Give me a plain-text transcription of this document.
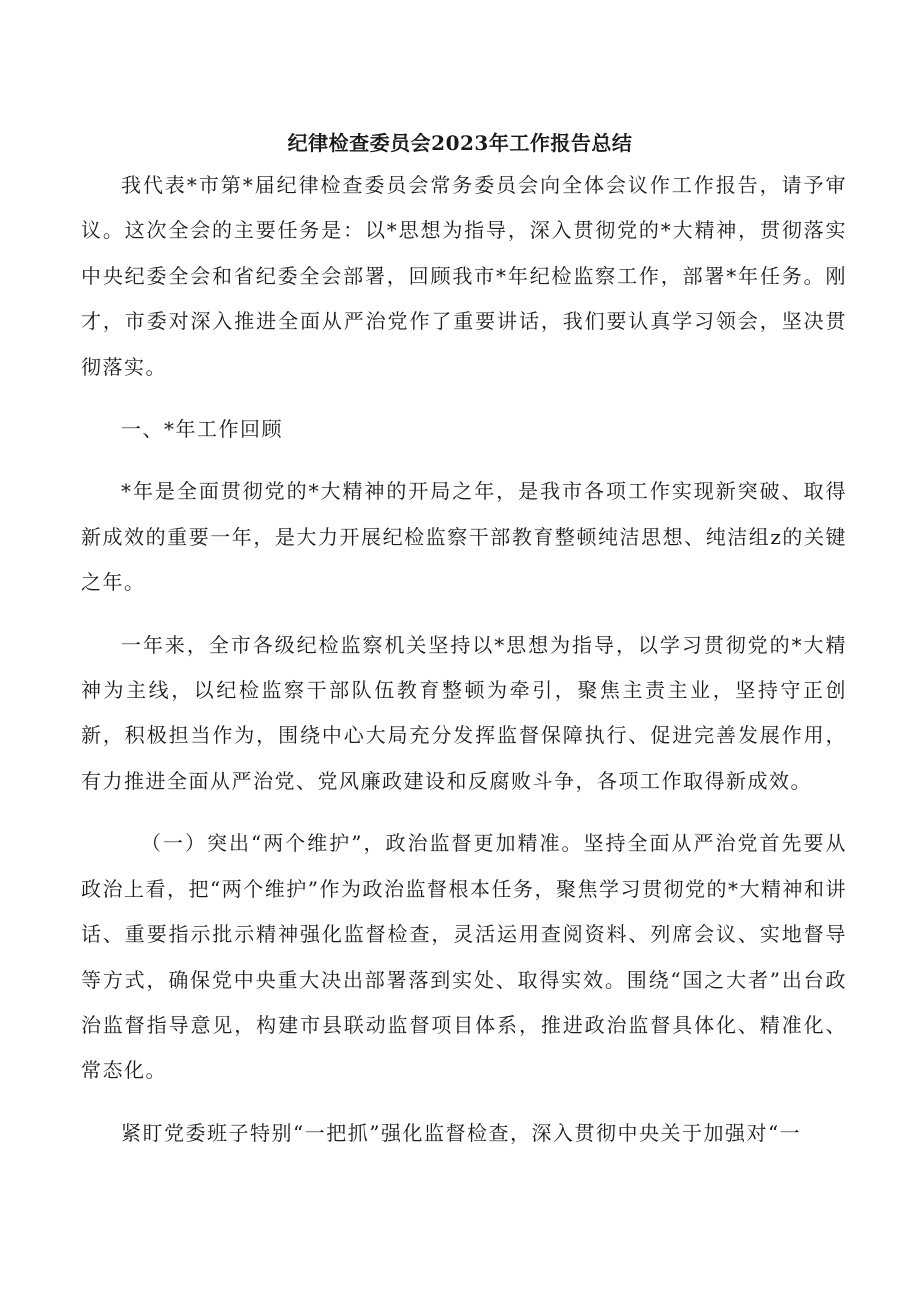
纪律检查委员会2023年工作报告总结

我代表*市第*届纪律检查委员会常务委员会向全体会议作工作报告，请予审议。这次全会的主要任务是：以*思想为指导，深入贯彻党的*大精神，贯彻落实中央纪委全会和省纪委全会部署，回顾我市*年纪检监察工作，部署*年任务。刚才，市委对深入推进全面从严治党作了重要讲话，我们要认真学习领会，坚决贯彻落实。

一、*年工作回顾

*年是全面贯彻党的*大精神的开局之年，是我市各项工作实现新突破、取得新成效的重要一年，是大力开展纪检监察干部教育整顿纯洁思想、纯洁组z的关键之年。

一年来，全市各级纪检监察机关坚持以*思想为指导，以学习贯彻党的*大精神为主线，以纪检监察干部队伍教育整顿为牵引，聚焦主责主业，坚持守正创新，积极担当作为，围绕中心大局充分发挥监督保障执行、促进完善发展作用，有力推进全面从严治党、党风廉政建设和反腐败斗争，各项工作取得新成效。

（一）突出“两个维护”，政治监督更加精准。坚持全面从严治党首先要从政治上看，把“两个维护”作为政治监督根本任务，聚焦学习贯彻党的*大精神和讲话、重要指示批示精神强化监督检查，灵活运用查阅资料、列席会议、实地督导等方式，确保党中央重大决出部署落到实处、取得实效。围绕“国之大者”出台政治监督指导意见，构建市县联动监督项目体系，推进政治监督具体化、精准化、常态化。

紧盯党委班子特别“一把抓”强化监督检查，深入贯彻中央关于加强对“一
